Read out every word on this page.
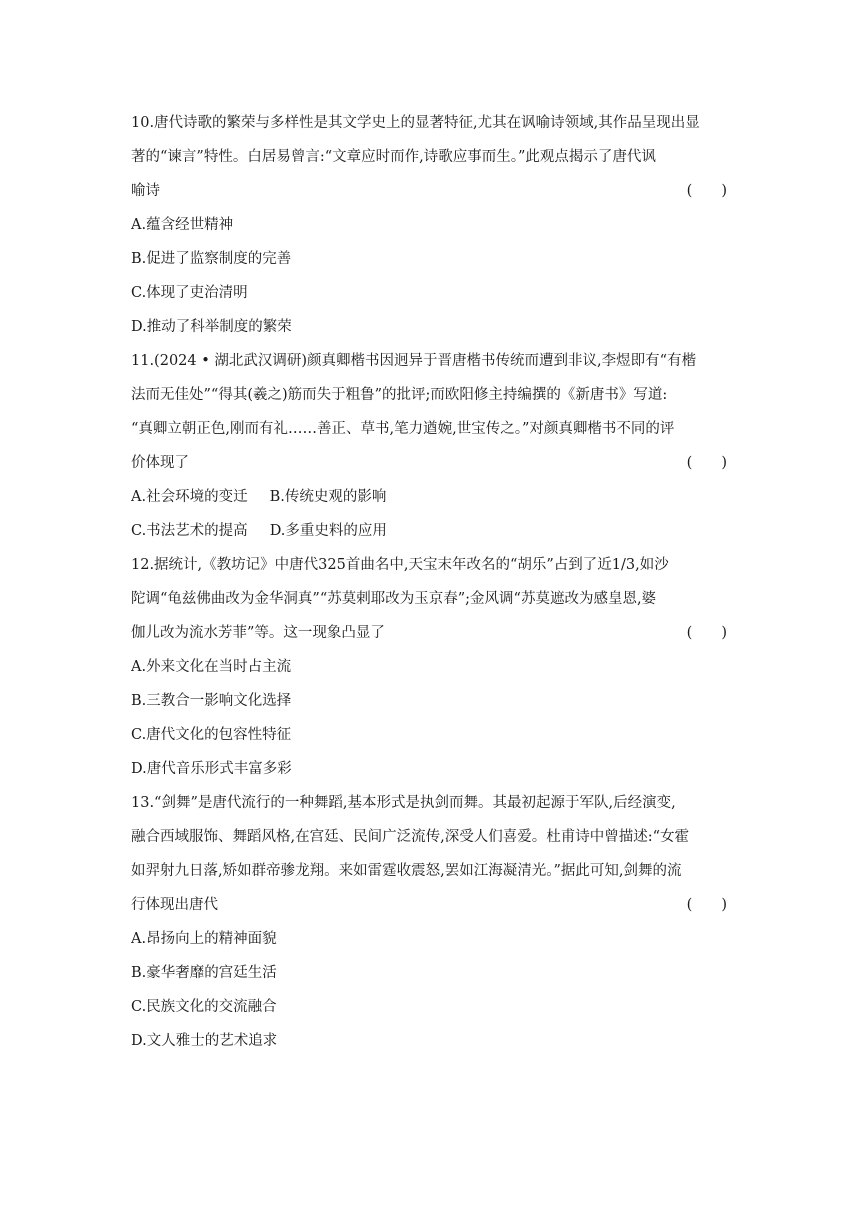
10.唐代诗歌的繁荣与多样性是其文学史上的显著特征,尤其在讽喻诗领域,其作品呈现出显
著的“谏言”特性。白居易曾言:“文章应时而作,诗歌应事而生。”此观点揭示了唐代讽
喻诗	(　　)
A.蕴含经世精神
B.促进了监察制度的完善
C.体现了吏治清明
D.推动了科举制度的繁荣
11.(2024 • 湖北武汉调研)颜真卿楷书因迥异于晋唐楷书传统而遭到非议,李煜即有“有楷
法而无佳处”“得其(羲之)筋而失于粗鲁”的批评;而欧阳修主持编撰的《新唐书》写道:
“真卿立朝正色,刚而有礼……善正、草书,笔力遒婉,世宝传之。”对颜真卿楷书不同的评
价体现了	(　　)
A.社会环境的变迁 B.传统史观的影响
C.书法艺术的提高 D.多重史料的应用
12.据统计,《教坊记》中唐代325首曲名中,天宝末年改名的“胡乐”占到了近1/3,如沙
陀调“龟兹佛曲改为金华洞真”“苏莫剌耶改为玉京春”;金风调“苏莫遮改为感皇恩,婆
伽儿改为流水芳菲”等。这一现象凸显了	(　　)
A.外来文化在当时占主流
B.三教合一影响文化选择
C.唐代文化的包容性特征
D.唐代音乐形式丰富多彩
13.“剑舞”是唐代流行的一种舞蹈,基本形式是执剑而舞。其最初起源于军队,后经演变,
融合西域服饰、舞蹈风格,在宫廷、民间广泛流传,深受人们喜爱。杜甫诗中曾描述:“女霍
如羿射九日落,矫如群帝骖龙翔。来如雷霆收震怒,罢如江海凝清光。”据此可知,剑舞的流
行体现出唐代	(　　)
A.昂扬向上的精神面貌
B.豪华奢靡的宫廷生活
C.民族文化的交流融合
D.文人雅士的艺术追求
